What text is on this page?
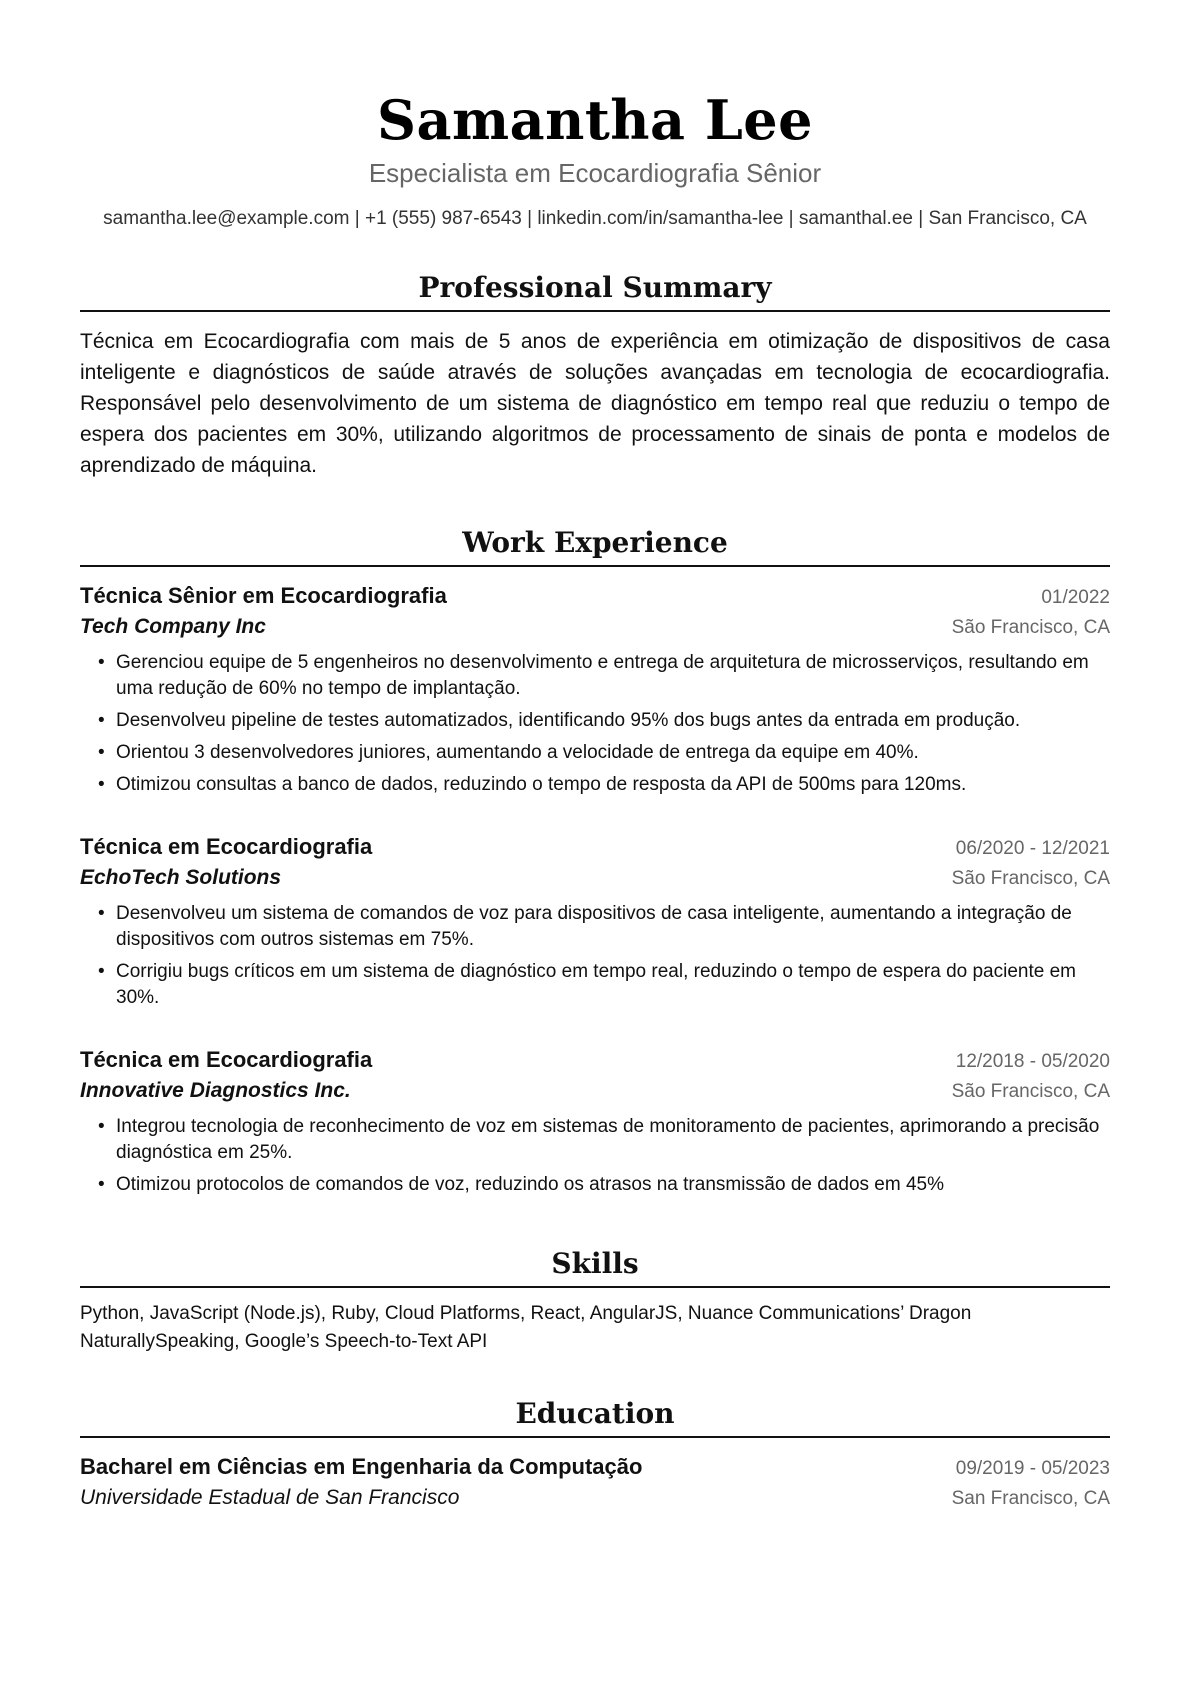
Samantha Lee
Especialista em Ecocardiografia Sênior
samantha.lee@example.com | +1 (555) 987-6543 | linkedin.com/in/samantha-lee | samanthal.ee | San Francisco, CA
Professional Summary
Técnica em Ecocardiografia com mais de 5 anos de experiência em otimização de dispositivos de casa inteligente e diagnósticos de saúde através de soluções avançadas em tecnologia de ecocardiografia. Responsável pelo desenvolvimento de um sistema de diagnóstico em tempo real que reduziu o tempo de espera dos pacientes em 30%, utilizando algoritmos de processamento de sinais de ponta e modelos de aprendizado de máquina.
Work Experience
Técnica Sênior em Ecocardiografia	01/2022
Tech Company Inc	São Francisco, CA
• Gerenciou equipe de 5 engenheiros no desenvolvimento e entrega de arquitetura de microsserviços, resultando em uma redução de 60% no tempo de implantação.
• Desenvolveu pipeline de testes automatizados, identificando 95% dos bugs antes da entrada em produção.
• Orientou 3 desenvolvedores juniores, aumentando a velocidade de entrega da equipe em 40%.
• Otimizou consultas a banco de dados, reduzindo o tempo de resposta da API de 500ms para 120ms.
Técnica em Ecocardiografia	06/2020 - 12/2021
EchoTech Solutions	São Francisco, CA
• Desenvolveu um sistema de comandos de voz para dispositivos de casa inteligente, aumentando a integração de dispositivos com outros sistemas em 75%.
• Corrigiu bugs críticos em um sistema de diagnóstico em tempo real, reduzindo o tempo de espera do paciente em 30%.
Técnica em Ecocardiografia	12/2018 - 05/2020
Innovative Diagnostics Inc.	São Francisco, CA
• Integrou tecnologia de reconhecimento de voz em sistemas de monitoramento de pacientes, aprimorando a precisão diagnóstica em 25%.
• Otimizou protocolos de comandos de voz, reduzindo os atrasos na transmissão de dados em 45%
Skills
Python, JavaScript (Node.js), Ruby, Cloud Platforms, React, AngularJS, Nuance Communications’ Dragon NaturallySpeaking, Google’s Speech-to-Text API
Education
Bacharel em Ciências em Engenharia da Computação	09/2019 - 05/2023
Universidade Estadual de San Francisco	San Francisco, CA
